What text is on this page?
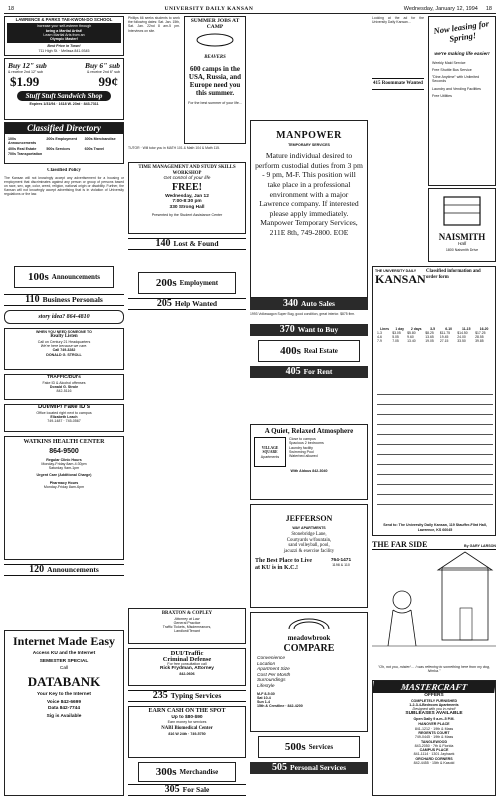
18	UNIVERSITY DAILY KANSAN	Wednesday, January 12, 1994 18
LAWRENCE & PARKS TAE-KWON-DO SCHOOL
Increase your self-esteem through
being a Martial Artist!
Learn Martial Arts from an
Olympic Master!
Best Price in Town!
711 High St. · Melissa 841-9345
Buy 12" sub
& receive 2nd 12" sub
Buy 6" sub
& receive 2nd 6" sub
$1.99	99¢
Stuff Stuft Sandwich Shop
Expires 1/31/94 · 1618 W. 23rd · 843-7311
Classified Directory
100s Announcements
200s Employment	300s Merchandise
400s Real Estate	500s Services	600s Travel
700s Transportation
Classified Policy

The Kansan will not knowingly accept any advertisement for a housing or employment that discriminates against any person or group of persons based on race, sex, age, color, creed, religion, national origin or disability. Further, the Kansan will not knowingly accept advertising that is in violation of University regulations or the law.

100s Announcements
110 Business Personals
story idea? 864-4810
WHEN YOU NEED SOMEONE TO
Realty Listen
Call on Century 21 Headquarters
We're here because we care.
Call 749-3282
DONALD G. STROLL
TRAFFIC/DUI's
Fake ID & Alcohol offenses
Donald G. Strole
842-5116
DUI/MIP/ Fake ID's
Office located right next to campus
Elizabeth Leach
749-1487 · 745-0567
WATKINS HEALTH CENTER
864-9500
Regular Clinic Hours
Monday-Friday 8am-4:30pm
Saturday 9am-1pm
Urgent Care (Additional Charge)
Pharmacy Hours
Monday-Friday 8am-6pm

120 Announcements

Internet Made Easy
Access KU and the Internet
SEMESTER SPECIAL
Call
DATABANK
Your Key to the Internet
Voice 842-6699
Data 842-7744
Sig is Available

Phillips 66 seeks students to work the following dates: Sat. Jan. 15th, Sat. Jan. 22nd 8 am-5 pm. Interviews on site.

SUMMER JOBS AT CAMP
BEAVERS
600 camps in the USA, Russia, and Europe need you this summer.
For the best summer of your life...

TUTOR · Will tutor you in MATH 101 & Math 104 & Math 115.

TIME MANAGEMENT AND STUDY SKILLS WORKSHOP
Get control of your life
FREE!
Wednesday, Jan 12
7:00-8:30 pm
330 Strong Hall
Presented by the Student Assistance Center
140 Lost & Found

200s Employment
205 Help Wanted

BRAXTON & COPLEY
Attorney at Law
General Practice
Traffic Tickets, Misdemeanors,
Landlord/Tenant
DUI/Traffic
Criminal Defense
For free consultation call
Rick Frydman, Attorney
842-0606
235 Typing Services
EARN CASH ON THE SPOT
Up to $80-$90
Earn money for services
NABI Biomedical Center
816 W 24th · 749-5750
300s Merchandise
305 For Sale
MANPOWER
TEMPORARY SERVICES
Mature individual desired to perform custodial duties from 3 pm - 9 pm, M-F. This position will take place in a professional environment with a major Lawrence company. If interested please apply immediately. Manpower Temporary Services, 211E 8th, 749-2800. EOE

Looking at the ad for the University Daily Kansan...	Now leasing for Spring!
we're making life easier!
Weekly Maid Service
Free Shuttle Bus Service
"Dine Anytime" with Unlimited Seconds
Laundry and Vending Facilities
Free Utilities
415 Roommate Wanted
NAISMITH
Hall
1800 Naismith Drive

THE UNIVERSITY DAILY
KANSAN
Classified information and order form

Lines	1 day	2 days	3-5	6-10	11-15	16-20
1-3	$3.05	$5.80	$8.25	$11.75	$14.50	$17.25
4-6	5.05	9.60	13.65	19.45	24.00	28.55
7-9	7.05	13.40	19.05	27.15	33.50	39.85
Send to: The University Daily Kansan, 119 Stauffer-Flint Hall, Lawrence, KS 66045
THE FAR SIDE	By GARY LARSON
"Oh, not you, mister! ... I was referring to something here from my dog, Nimka."
MASTERCRAFT
OFFERS
COMPLETELY FURNISHED
1-2-3-4-Bedroom Apartments
Designed with you in mind!
SUBLEASES AVAILABLE
Open Daily 9 a.m.-5 P.M.
HANOVER PLACE
841-1212 · 19th & Mass
REGENTS COURT
749-0445 · 19th & Mass
TANGLEWOOD
843-2050 · 7th & Florida
CAMPUS PLACE
841-1114 · 1301 Jayhawk
ORCHARD CORNERS
842-4455 · 15th & Kasold
340 Auto Sales

1993 Volkswagon Super Bug, good condition, great interior. $875 firm.

370 Want to Buy
400s Real Estate
405 For Rent

A Quiet, Relaxed Atmosphere
VILLAGE SQUARE
Apartments
Close to campus
Spacious 2 bedrooms
Laundry facility
Swimming Pool
Waterbed allowed
With Aldous 842-3040
JEFFERSON
WAY APARTMENTS
Stonebridge Lane,
Courtyards w/fountain,
sand volleyball, pool,
jacuzzi & exercise facility
The Best Place to Live at KU is in K.C.!
764-1471
1198 & 110
meadowbrook
COMPARE
Convenience
Location
Apartment Size
Cost Per Month
Surroundings
Lifestyle
M-F 8-5:30
Sat 10-4
Sun 1-4
15th & Crestline · 842-4200
500s Services
505 Personal Services
